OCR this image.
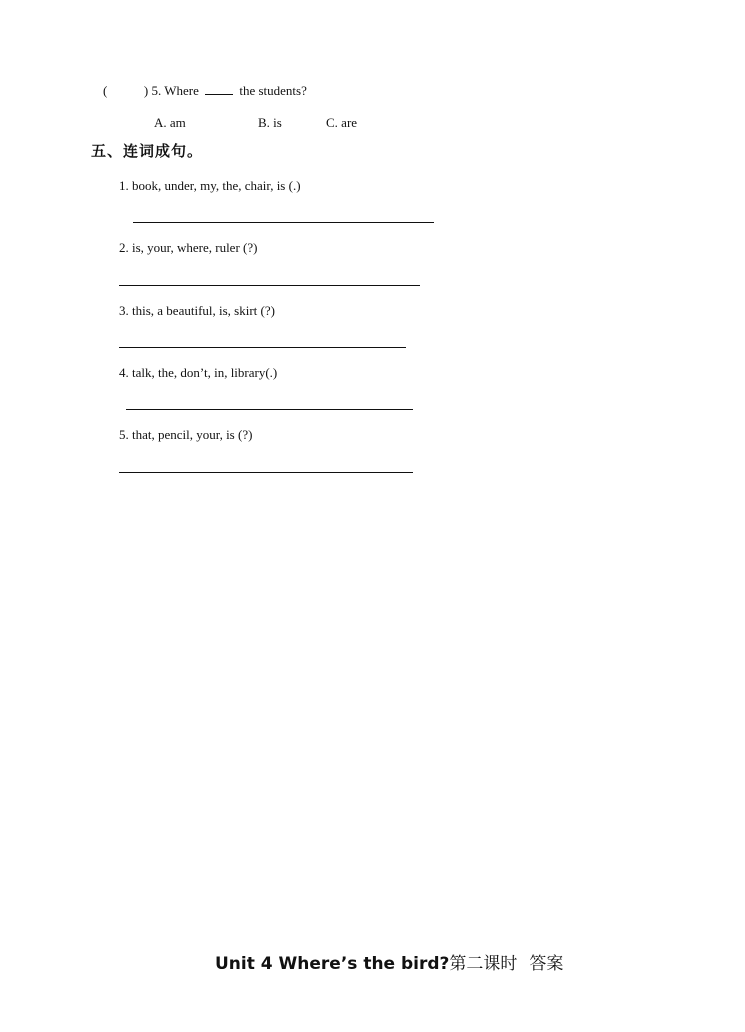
(	) 5. Where	the students?
A. am	B. is	C. are
五、连词成句。
1. book, under, my, the, chair, is (.)
2. is, your, where, ruler (?)
3. this, a beautiful, is, skirt (?)
4. talk, the, don’t, in, library(.)
5. that, pencil, your, is (?)
Unit 4 Where’s the bird?第二课时 答案
